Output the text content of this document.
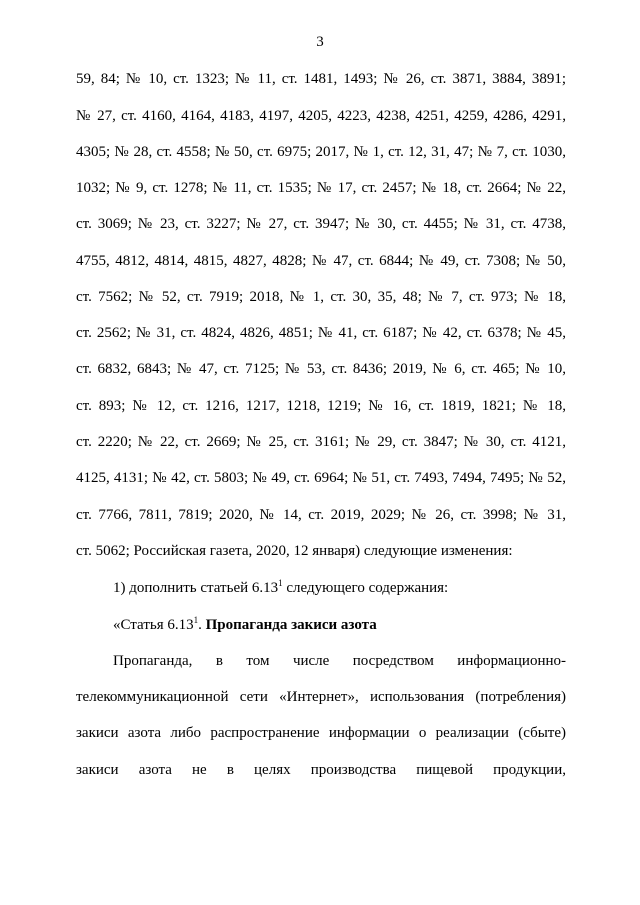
3
59, 84; № 10, ст. 1323; № 11, ст. 1481, 1493; № 26, ст. 3871, 3884, 3891;
№ 27, ст. 4160, 4164, 4183, 4197, 4205, 4223, 4238, 4251, 4259, 4286, 4291,
4305; № 28, ст. 4558; № 50, ст. 6975; 2017, № 1, ст. 12, 31, 47; № 7, ст. 1030,
1032; № 9, ст. 1278; № 11, ст. 1535; № 17, ст. 2457; № 18, ст. 2664; № 22,
ст. 3069; № 23, ст. 3227; № 27, ст. 3947; № 30, ст. 4455; № 31, ст. 4738,
4755, 4812, 4814, 4815, 4827, 4828; № 47, ст. 6844; № 49, ст. 7308; № 50,
ст. 7562; № 52, ст. 7919; 2018, № 1, ст. 30, 35, 48; № 7, ст. 973; № 18,
ст. 2562; № 31, ст. 4824, 4826, 4851; № 41, ст. 6187; № 42, ст. 6378; № 45,
ст. 6832, 6843; № 47, ст. 7125; № 53, ст. 8436; 2019, № 6, ст. 465; № 10,
ст. 893; № 12, ст. 1216, 1217, 1218, 1219; № 16, ст. 1819, 1821; № 18,
ст. 2220; № 22, ст. 2669; № 25, ст. 3161; № 29, ст. 3847; № 30, ст. 4121,
4125, 4131; № 42, ст. 5803; № 49, ст. 6964; № 51, ст. 7493, 7494, 7495; № 52,
ст. 7766, 7811, 7819; 2020, № 14, ст. 2019, 2029; № 26, ст. 3998; № 31,
ст. 5062; Российская газета, 2020, 12 января) следующие изменения:
1) дополнить статьей 6.13$^1$ следующего содержания:
«Статья 6.13$^1$. Пропаганда закиси азота
Пропаганда, в том числе посредством информационно-
телекоммуникационной сети «Интернет», использования (потребления)
закиси азота либо распространение информации о реализации (сбыте)
закиси азота не в целях производства пищевой продукции,
